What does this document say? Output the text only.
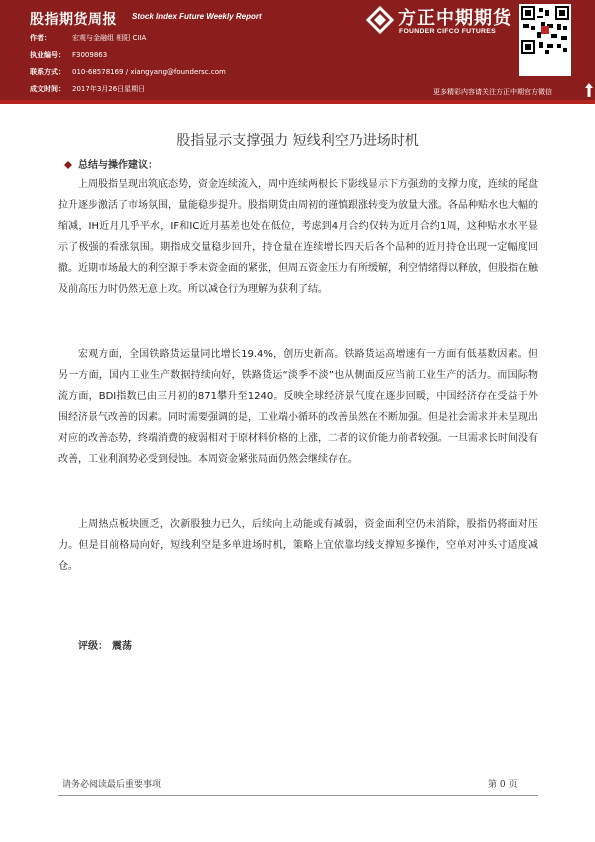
股指期货周报 Stock Index Future Weekly Report
作者：	宏观与金融组 相阳 CIIA
执业编号： F3009863
联系方式： 010-68578169 / xiangyang@foundersc.com
成文时间： 2017年3月26日星期日
方正中期期货
FOUNDER CIFCO FUTURES
更多精彩内容请关注方正中期官方微信
股指显示支撑强力 短线利空乃进场时机
总结与操作建议：

上周股指呈现出筑底态势，资金连续流入，周中连续两根长下影线显示下方强劲的支撑力度，连续的尾盘拉升逐步激活了市场氛围，量能稳步提升。股指期货由周初的谨慎跟涨转变为放量大涨。各品种贴水也大幅的缩减，IH近月几乎平水，IF和IC近月基差也处在低位，考虑到4月合约仅转为近月合约1周，这种贴水水平显示了极强的看涨氛围。期指成交量稳步回升，持仓量在连续增长四天后各个品种的近月持仓出现一定幅度回撤。近期市场最大的利空源于季末资金面的紧张，但周五资金压力有所缓解，利空情绪得以释放，但股指在触及前高压力时仍然无意上攻。所以减仓行为理解为获利了结。

宏观方面，全国铁路货运量同比增长19.4%，创历史新高。铁路货运高增速有一方面有低基数因素。但另一方面，国内工业生产数据持续向好，铁路货运“淡季不淡”也从侧面反应当前工业生产的活力。而国际物流方面，BDI指数已由三月初的871攀升至1240。反映全球经济景气度在逐步回暖，中国经济存在受益于外围经济景气改善的因素。同时需要强调的是，工业端小循环的改善虽然在不断加强。但是社会需求并未呈现出对应的改善态势，终端消费的疲弱相对于原材料价格的上涨，二者的议价能力前者较强。一旦需求长时间没有改善，工业利润势必受到侵蚀。本周资金紧张局面仍然会继续存在。

上周热点板块匮乏，次新股独力已久，后续向上动能或有减弱，资金面利空仍未消除，股指仍将面对压力。但是目前格局向好，短线利空是多单进场时机，策略上宜依靠均线支撑短多操作，空单对冲头寸适度减仓。

评级： 震荡
请务必阅读最后重要事项	第 0 页
